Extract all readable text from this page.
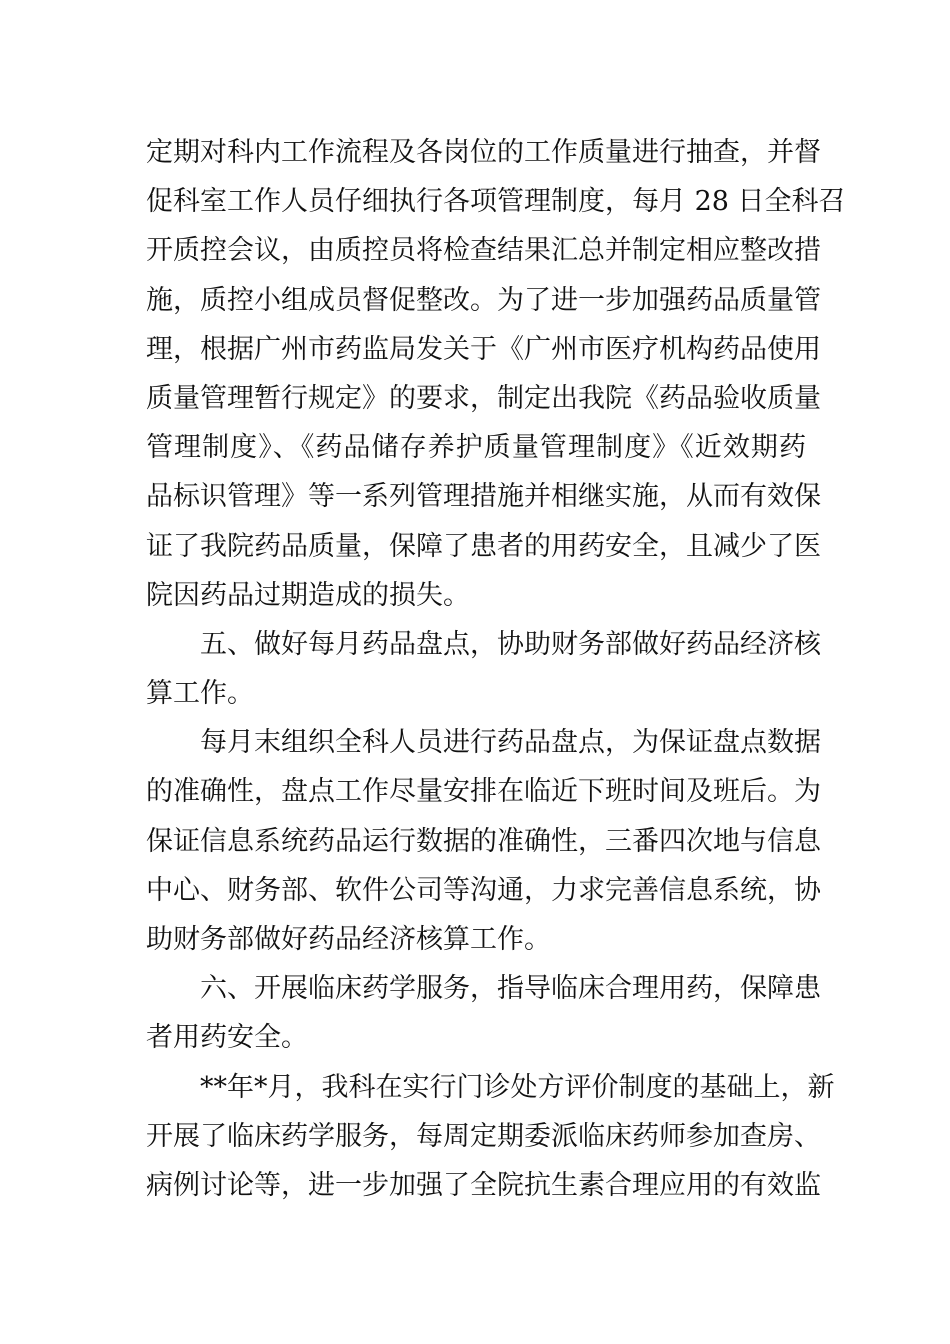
定期对科内工作流程及各岗位的工作质量进行抽查，并督
促科室工作人员仔细执行各项管理制度，每月 28 日全科召
开质控会议，由质控员将检查结果汇总并制定相应整改措
施，质控小组成员督促整改。为了进一步加强药品质量管
理，根据广州市药监局发关于《广州市医疗机构药品使用
质量管理暂行规定》的要求，制定出我院《药品验收质量
管理制度》、《药品储存养护质量管理制度》《近效期药
品标识管理》等一系列管理措施并相继实施，从而有效保
证了我院药品质量，保障了患者的用药安全，且减少了医
院因药品过期造成的损失。
五、做好每月药品盘点，协助财务部做好药品经济核
算工作。
每月末组织全科人员进行药品盘点，为保证盘点数据
的准确性，盘点工作尽量安排在临近下班时间及班后。为
保证信息系统药品运行数据的准确性，三番四次地与信息
中心、财务部、软件公司等沟通，力求完善信息系统，协
助财务部做好药品经济核算工作。
六、开展临床药学服务，指导临床合理用药，保障患
者用药安全。
**年*月，我科在实行门诊处方评价制度的基础上，新
开展了临床药学服务，每周定期委派临床药师参加查房、
病例讨论等，进一步加强了全院抗生素合理应用的有效监
